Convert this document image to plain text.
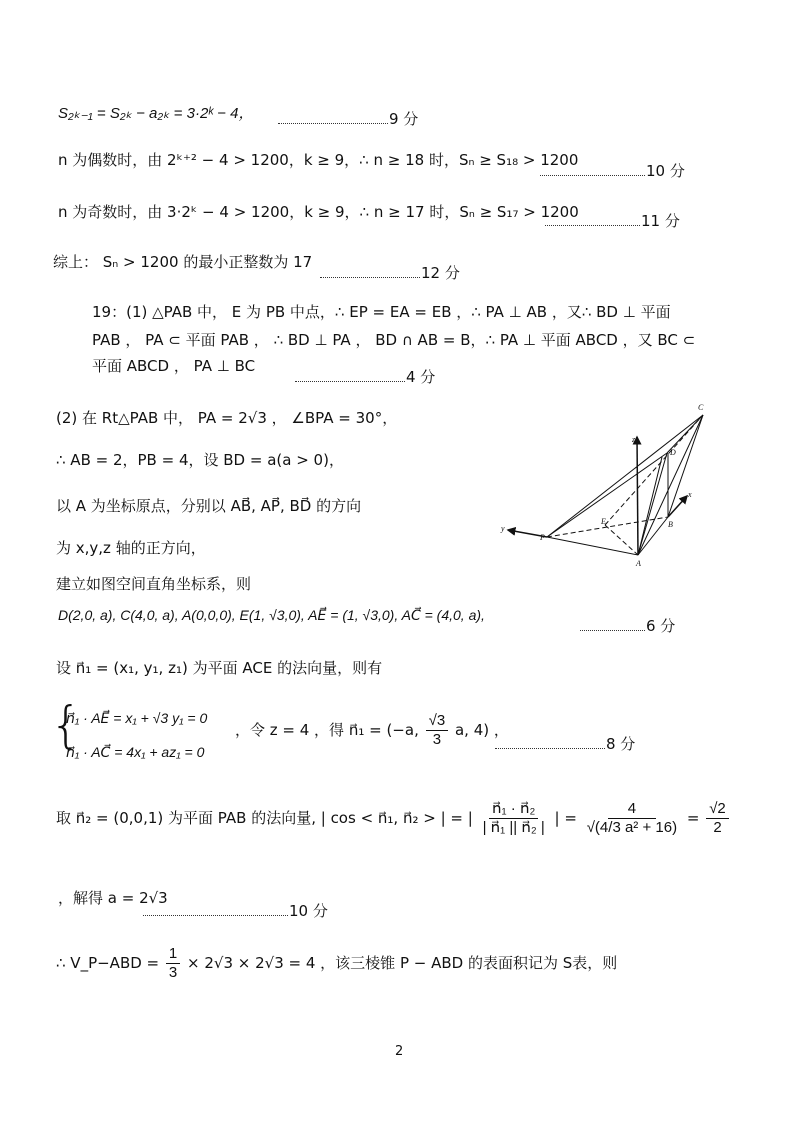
S₂ₖ₋₁ = S₂ₖ − a₂ₖ = 3·2ᵏ − 4，	9 分
n 为偶数时，由 2ᵏ⁺² − 4 > 1200，k ≥ 9，∴ n ≥ 18 时，Sₙ ≥ S₁₈ > 1200
10 分
n 为奇数时，由 3·2ᵏ − 4 > 1200，k ≥ 9，∴ n ≥ 17 时，Sₙ ≥ S₁₇ > 1200	11 分
综上： Sₙ > 1200 的最小正整数为 17
12 分
19：(1) △PAB 中， E 为 PB 中点，∴ EP = EA = EB ，∴ PA ⊥ AB ，又∴ BD ⊥ 平面
PAB ， PA ⊂ 平面 PAB ， ∴ BD ⊥ PA ， BD ∩ AB = B，∴ PA ⊥ 平面 ABCD ，又 BC ⊂
平面 ABCD ， PA ⊥ BC
4 分
(2) 在 Rt△PAB 中， PA = 2√3 ， ∠BPA = 30°，
∴ AB = 2，PB = 4，设 BD = a(a > 0)，
以 A 为坐标原点，分别以 AB⃗, AP⃗, BD⃗ 的方向
为 x,y,z 轴的正方向，
建立如图空间直角坐标系，则
C
D
z
x
B
E
y
P
A
D(2,0, a), C(4,0, a), A(0,0,0), E(1, √3,0), AE⃗ = (1, √3,0), AC⃗ = (4,0, a),
6 分
设 n⃗₁ = (x₁, y₁, z₁) 为平面 ACE 的法向量，则有
{
n⃗₁ · AE⃗ = x₁ + √3 y₁ = 0
n⃗₁ · AC⃗ = 4x₁ + az₁ = 0
，令 z = 4 ，得 n⃗₁ = (−a, $\frac{√3}{3} a$, 4) ，
8 分
取 n⃗₂ = (0,0,1) 为平面 PAB 的法向量, | cos < n⃗₁, n⃗₂ > | = | $\frac{\text{n⃗₁ · n⃗₂}}{\text{| n⃗₁ || n⃗₂ |}}$ | = $\frac{4}{\text{√(4/3 a² + 16)}} = \frac{√2}{2}$
，解得 a = 2√3
10 分
∴ V_P−ABD = $\frac{1}{3} \times 2√3 \times 2√3 = 4$ ，该三棱锥 P − ABD 的表面积记为 S表，则
2
